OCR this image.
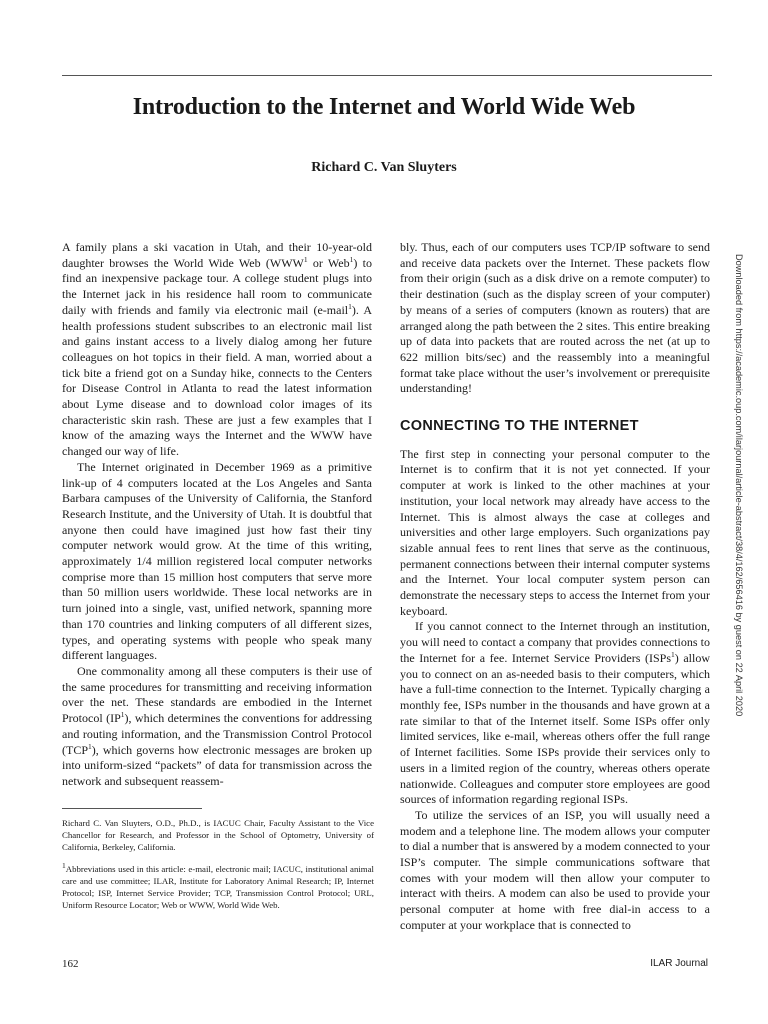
Introduction to the Internet and World Wide Web
Richard C. Van Sluyters

A family plans a ski vacation in Utah, and their 10-year-old daughter browses the World Wide Web (WWW$^1$ or Web$^1$) to find an inexpensive package tour. A college student plugs into the Internet jack in his residence hall room to communicate daily with friends and family via electronic mail (e-mail$^1$). A health professions student subscribes to an electronic mail list and gains instant access to a lively dialog among her future colleagues on hot topics in their field. A man, worried about a tick bite a friend got on a Sunday hike, connects to the Centers for Disease Control in Atlanta to read the latest information about Lyme disease and to download color images of its characteristic skin rash. These are just a few examples that I know of the amazing ways the Internet and the WWW have changed our way of life.

The Internet originated in December 1969 as a primitive link-up of 4 computers located at the Los Angeles and Santa Barbara campuses of the University of California, the Stanford Research Institute, and the University of Utah. It is doubtful that anyone then could have imagined just how fast their tiny computer network would grow. At the time of this writing, approximately 1/4 million registered local computer networks comprise more than 15 million host computers that serve more than 50 million users worldwide. These local networks are in turn joined into a single, vast, unified network, spanning more than 170 countries and linking computers of all different sizes, types, and operating systems with people who speak many different languages.

One commonality among all these computers is their use of the same procedures for transmitting and receiving information over the net. These standards are embodied in the Internet Protocol $(IP^1)$, which determines the conventions for addressing and routing information, and the Transmission Control Protocol (TCP$^1$), which governs how electronic messages are broken up into uniform-sized “packets” of data for transmission across the network and subsequent reassem-

bly. Thus, each of our computers uses TCP/IP software to send and receive data packets over the Internet. These packets flow from their origin (such as a disk drive on a remote computer) to their destination (such as the display screen of your computer) by means of a series of computers (known as routers) that are arranged along the path between the 2 sites. This entire breaking up of data into packets that are routed across the net (at up to 622 million bits/sec) and the reassembly into a meaningful format take place without the user’s involvement or prerequisite understanding!

CONNECTING TO THE INTERNET

The first step in connecting your personal computer to the Internet is to confirm that it is not yet connected. If your computer at work is linked to the other machines at your institution, your local network may already have access to the Internet. This is almost always the case at colleges and universities and other large employers. Such organizations pay sizable annual fees to rent lines that serve as the continuous, permanent connections between their internal computer systems and the Internet. Your local computer system person can demonstrate the necessary steps to access the Internet from your keyboard.

If you cannot connect to the Internet through an institution, you will need to contact a company that provides connections to the Internet for a fee. Internet Service Providers (ISPs$^1$) allow you to connect on an as-needed basis to their computers, which have a full-time connection to the Internet. Typically charging a monthly fee, ISPs number in the thousands and have grown at a rate similar to that of the Internet itself. Some ISPs offer only limited services, like e-mail, whereas others offer the full range of Internet facilities. Some ISPs provide their services only to users in a limited region of the country, whereas others operate nationwide. Colleagues and computer store employees are good sources of information regarding regional ISPs.

To utilize the services of an ISP, you will usually need a modem and a telephone line. The modem allows your computer to dial a number that is answered by a modem connected to your ISP’s computer. The simple communications software that comes with your modem will then allow your computer to interact with theirs. A modem can also be used to provide your personal computer at home with free dial-in access to a computer at your workplace that is connected to

Richard C. Van Sluyters, O.D., Ph.D., is IACUC Chair, Faculty Assistant to the Vice Chancellor for Research, and Professor in the School of Optometry, University of California, Berkeley, California.

$^1$Abbreviations used in this article: e-mail, electronic mail; IACUC, institutional animal care and use committee; ILAR, Institute for Laboratory Animal Research; IP, Internet Protocol; ISP, Internet Service Provider; TCP, Transmission Control Protocol; URL, Uniform Resource Locator; Web or WWW, World Wide Web.

162	ILAR Journal
Downloaded from https://academic.oup.com/ilarjournal/article-abstract/38/4/162/656416 by guest on 22 April 2020
